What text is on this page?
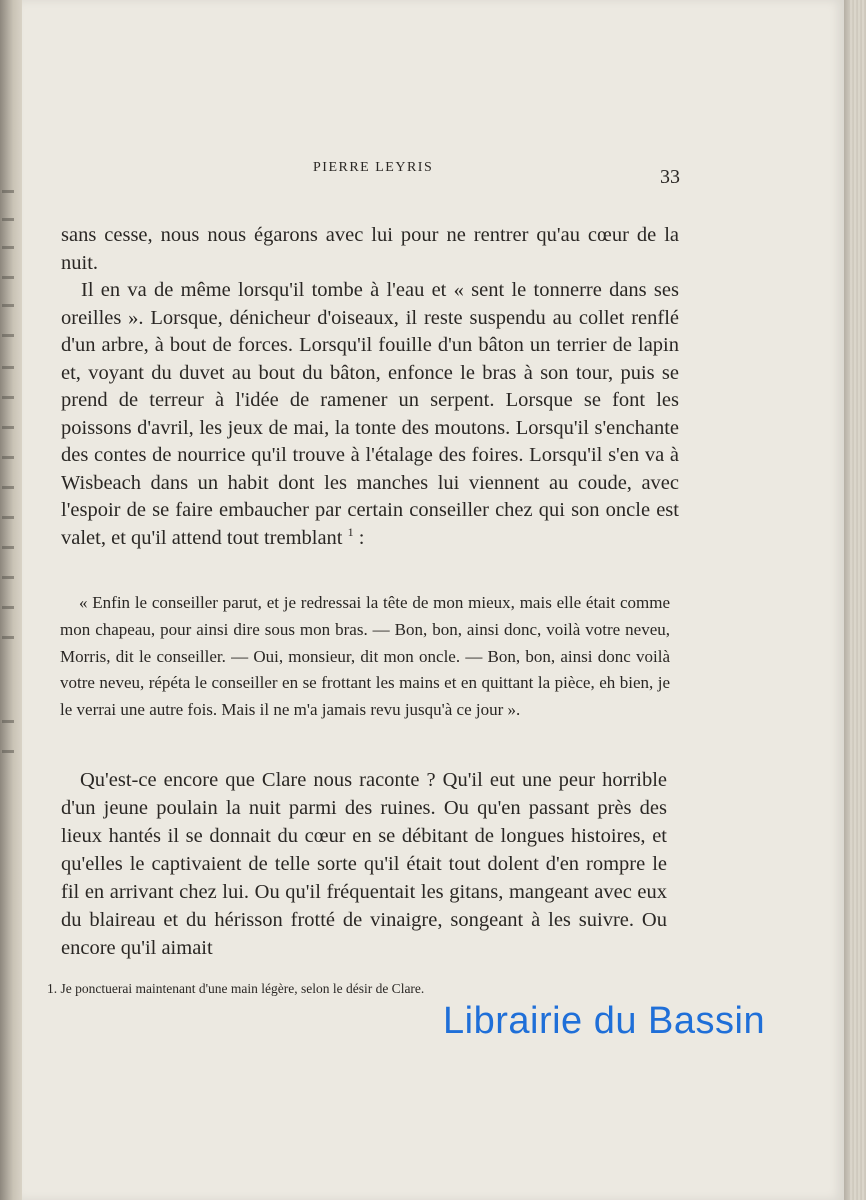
PIERRE LEYRIS	33

sans cesse, nous nous égarons avec lui pour ne rentrer qu'au cœur de la nuit.

Il en va de même lorsqu'il tombe à l'eau et « sent le tonnerre dans ses oreilles ». Lorsque, dénicheur d'oiseaux, il reste suspendu au collet renflé d'un arbre, à bout de forces. Lorsqu'il fouille d'un bâton un terrier de lapin et, voyant du duvet au bout du bâton, enfonce le bras à son tour, puis se prend de terreur à l'idée de ramener un serpent. Lorsque se font les poissons d'avril, les jeux de mai, la tonte des moutons. Lorsqu'il s'enchante des contes de nourrice qu'il trouve à l'étalage des foires. Lorsqu'il s'en va à Wisbeach dans un habit dont les manches lui viennent au coude, avec l'espoir de se faire embaucher par certain conseiller chez qui son oncle est valet, et qu'il attend tout tremblant $^1$ :

« Enfin le conseiller parut, et je redressai la tête de mon mieux, mais elle était comme mon chapeau, pour ainsi dire sous mon bras. — Bon, bon, ainsi donc, voilà votre neveu, Morris, dit le conseiller. — Oui, monsieur, dit mon oncle. — Bon, bon, ainsi donc voilà votre neveu, répéta le conseiller en se frottant les mains et en quittant la pièce, eh bien, je le verrai une autre fois. Mais il ne m'a jamais revu jusqu'à ce jour ».

Qu'est-ce encore que Clare nous raconte ? Qu'il eut une peur horrible d'un jeune poulain la nuit parmi des ruines. Ou qu'en passant près des lieux hantés il se donnait du cœur en se débitant de longues histoires, et qu'elles le captivaient de telle sorte qu'il était tout dolent d'en rompre le fil en arrivant chez lui. Ou qu'il fréquentait les gitans, mangeant avec eux du blaireau et du hérisson frotté de vinaigre, songeant à les suivre. Ou encore qu'il aimait

1. Je ponctuerai maintenant d'une main légère, selon le désir de Clare.
Librairie du Bassin
